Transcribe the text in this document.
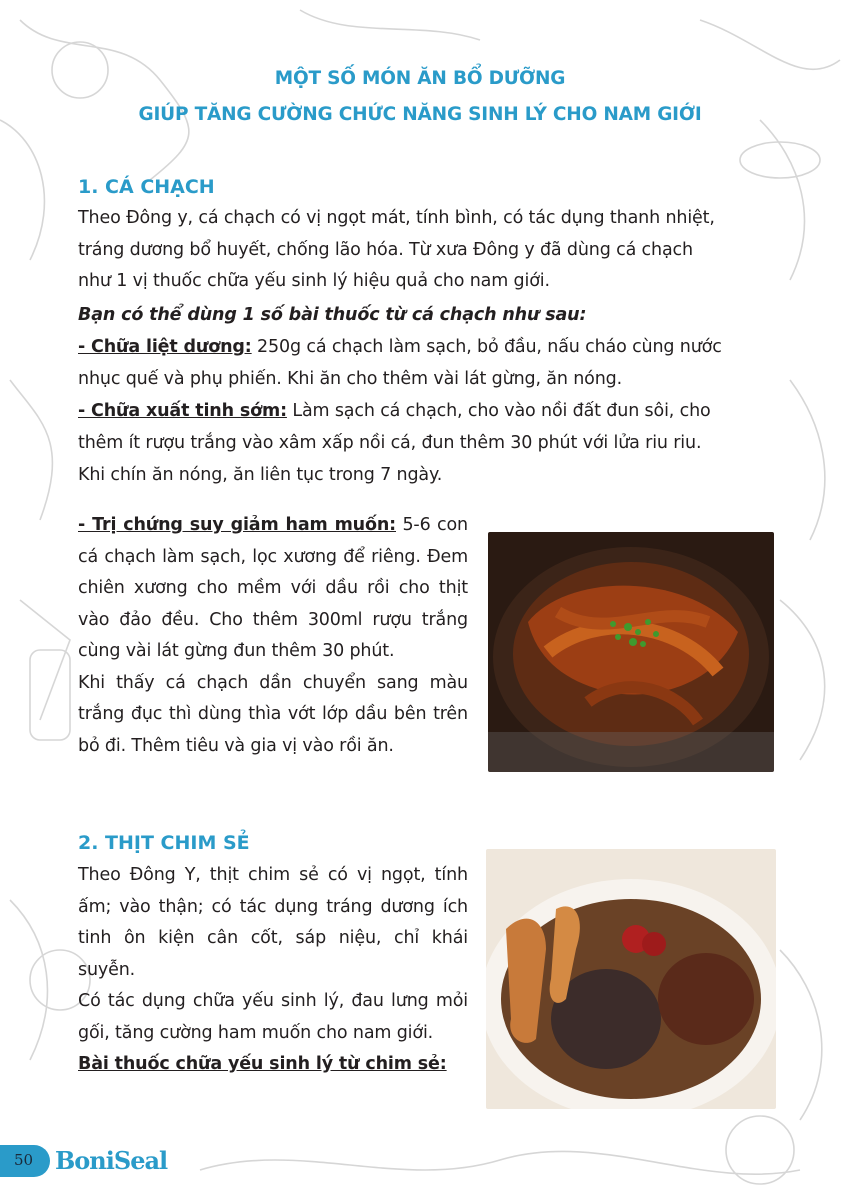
MỘT SỐ MÓN ĂN BỔ DƯỠNG
GIÚP TĂNG CƯỜNG CHỨC NĂNG SINH LÝ CHO NAM GIỚI
1. CÁ CHẠCH
Theo Đông y, cá chạch có vị ngọt mát, tính bình, có tác dụng thanh nhiệt,
tráng dương bổ huyết, chống lão hóa. Từ xưa Đông y đã dùng cá chạch
như 1 vị thuốc chữa yếu sinh lý hiệu quả cho nam giới.
Bạn có thể dùng 1 số bài thuốc từ cá chạch như sau:
- Chữa liệt dương: 250g cá chạch làm sạch, bỏ đầu, nấu cháo cùng nước
nhục quế và phụ phiến. Khi ăn cho thêm vài lát gừng, ăn nóng.
- Chữa xuất tinh sớm: Làm sạch cá chạch, cho vào nồi đất đun sôi, cho
thêm ít rượu trắng vào xâm xấp nồi cá, đun thêm 30 phút với lửa riu riu.
Khi chín ăn nóng, ăn liên tục trong 7 ngày.

- Trị chứng suy giảm ham muốn: 5-6 con cá chạch làm sạch, lọc xương để riêng. Đem chiên xương cho mềm với dầu rồi cho thịt vào đảo đều. Cho thêm 300ml rượu trắng cùng vài lát gừng đun thêm 30 phút.

Khi thấy cá chạch dần chuyển sang màu trắng đục thì dùng thìa vớt lớp dầu bên trên bỏ đi. Thêm tiêu và gia vị vào rồi ăn.

2. THỊT CHIM SẺ

Theo Đông Y, thịt chim sẻ có vị ngọt, tính ấm; vào thận; có tác dụng tráng dương ích tinh ôn kiện cân cốt, sáp niệu, chỉ khái suyễn.

Có tác dụng chữa yếu sinh lý, đau lưng mỏi gối, tăng cường ham muốn cho nam giới.

Bài thuốc chữa yếu sinh lý từ chim sẻ:

50 BoniSeal
